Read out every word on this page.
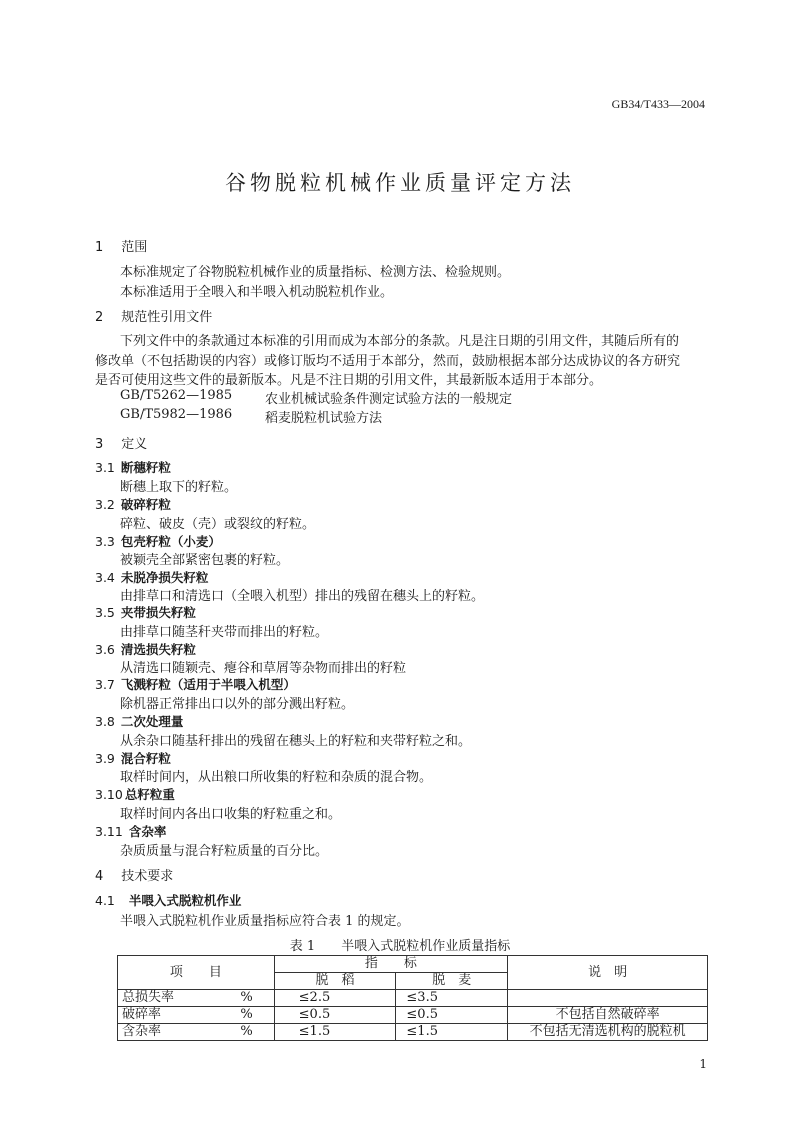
GB34/T433—2004
谷物脱粒机械作业质量评定方法
1 范围
本标准规定了谷物脱粒机械作业的质量指标、检测方法、检验规则。
本标准适用于全喂入和半喂入机动脱粒机作业。
2 规范性引用文件
下列文件中的条款通过本标准的引用而成为本部分的条款。凡是注日期的引用文件，其随后所有的
修改单（不包括勘误的内容）或修订版均不适用于本部分，然而，鼓励根据本部分达成协议的各方研究
是否可使用这些文件的最新版本。凡是不注日期的引用文件，其最新版本适用于本部分。
GB/T5262—1985	农业机械试验条件测定试验方法的一般规定
GB/T5982—1986	稻麦脱粒机试验方法
3 定义
3.1 断穗籽粒
断穗上取下的籽粒。
3.2 破碎籽粒
碎粒、破皮（壳）或裂纹的籽粒。
3.3 包壳籽粒（小麦）
被颖壳全部紧密包裹的籽粒。
3.4 未脱净损失籽粒
由排草口和清选口（全喂入机型）排出的残留在穗头上的籽粒。
3.5 夹带损失籽粒
由排草口随茎秆夹带而排出的籽粒。
3.6 清选损失籽粒
从清选口随颖壳、瘪谷和草屑等杂物而排出的籽粒
3.7 飞溅籽粒（适用于半喂入机型）
除机器正常排出口以外的部分溅出籽粒。
3.8 二次处理量
从余杂口随基秆排出的残留在穗头上的籽粒和夹带籽粒之和。
3.9 混合籽粒
取样时间内，从出粮口所收集的籽粒和杂质的混合物。
3.10 总籽粒重
取样时间内各出口收集的籽粒重之和。
3.11 含杂率
杂质质量与混合籽粒质量的百分比。
4 技术要求
4.1 半喂入式脱粒机作业
半喂入式脱粒机作业质量指标应符合表 1 的规定。
表 1　　半喂入式脱粒机作业质量指标
项　　目		指　　标		说　明
		脱　稻	脱　麦	
总损失率	%	≤2.5	≤3.5	
破碎率	%	≤0.5	≤0.5	不包括自然破碎率
含杂率	%	≤1.5	≤1.5	不包括无清选机构的脱粒机
1
